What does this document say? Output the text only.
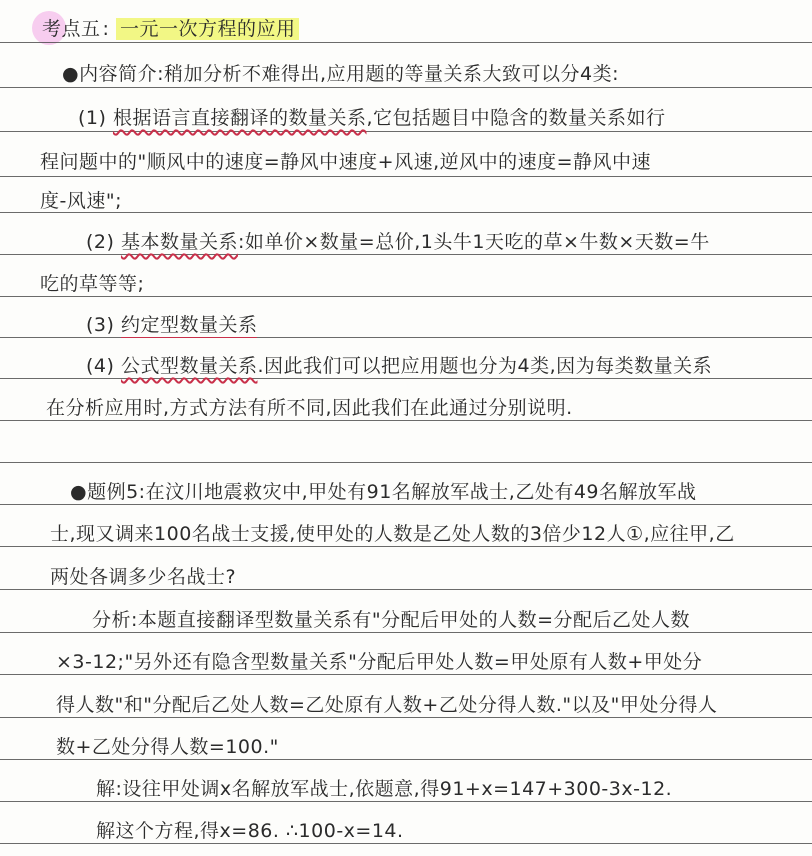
考点五 : 一元一次方程的应用
●内容简介:稍加分析不难得出,应用题的等量关系大致可以分4类:
(1) 根据语言直接翻译的数量关系,它包括题目中隐含的数量关系如行
程问题中的"顺风中的速度=静风中速度+风速,逆风中的速度=静风中速
度-风速";
(2) 基本数量关系:如单价×数量=总价,1头牛1天吃的草×牛数×天数=牛
吃的草等等;
(3) 约定型数量关系
(4) 公式型数量关系.因此我们可以把应用题也分为4类,因为每类数量关系
在分析应用时,方式方法有所不同,因此我们在此通过分别说明.
●题例5:在汶川地震救灾中,甲处有91名解放军战士,乙处有49名解放军战
士,现又调来100名战士支援,使甲处的人数是乙处人数的3倍少12人①,应往甲,乙
两处各调多少名战士?
分析:本题直接翻译型数量关系有"分配后甲处的人数=分配后乙处人数
×3-12;"另外还有隐含型数量关系"分配后甲处人数=甲处原有人数+甲处分
得人数"和"分配后乙处人数=乙处原有人数+乙处分得人数."以及"甲处分得人
数+乙处分得人数=100."
解:设往甲处调x名解放军战士,依题意,得91+x=147+300-3x-12.
解这个方程,得x=86. ∴100-x=14.
